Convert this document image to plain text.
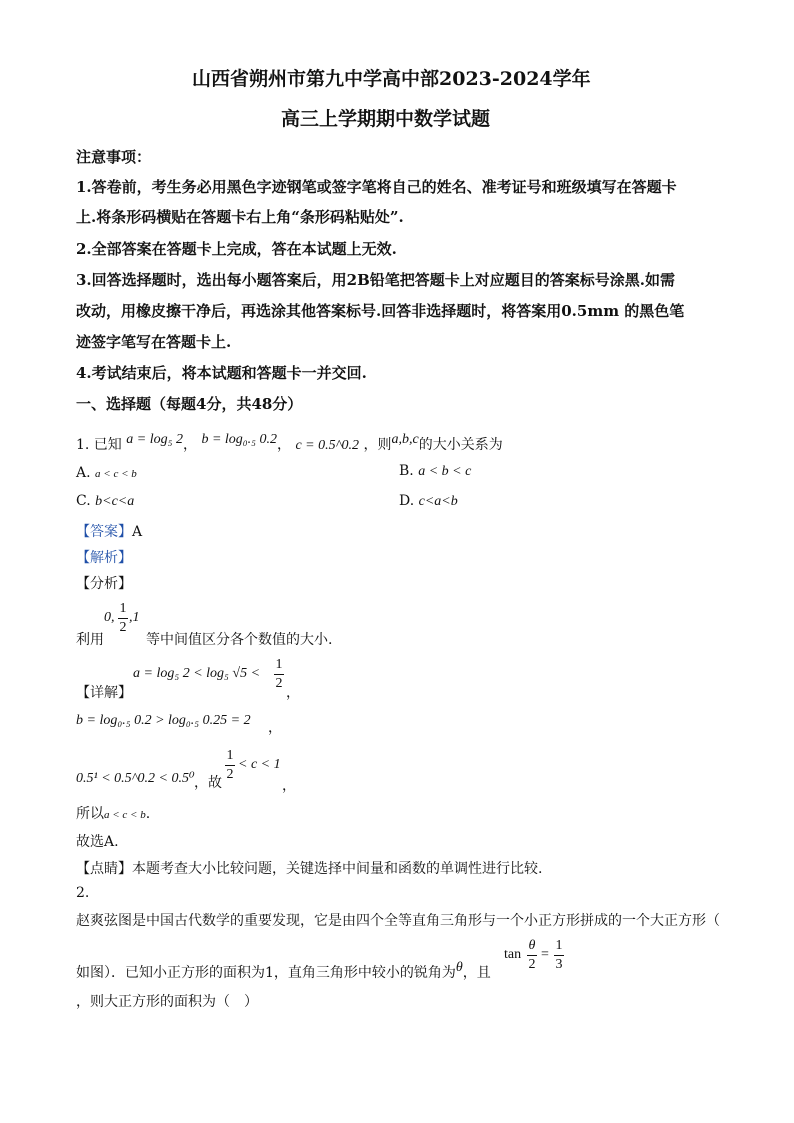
山西省朔州市第九中学高中部2023-2024学年
高三上学期期中数学试题
注意事项：
1.答卷前，考生务必用黑色字迹钢笔或签字笔将自己的姓名、准考证号和班级填写在答题卡
上.将条形码横贴在答题卡右上角“条形码粘贴处”.
2.全部答案在答题卡上完成，答在本试题上无效.
3.回答选择题时，选出每小题答案后，用2B铅笔把答题卡上对应题目的答案标号涂黑.如需
改动，用橡皮擦干净后，再选涂其他答案标号.回答非选择题时，将答案用0.5mm 的黑色笔
迹签字笔写在答题卡上.
4.考试结束后，将本试题和答题卡一并交回.
一、选择题（每题4分，共48分）
1. 已知 a = log₅ 2， b = log₀.₅ 0.2， c = 0.5^0.2 ，则a,b,c的大小关系为
A. a < c < b	B. a < b < c
C. b<c<a	D. c<a<b
【答案】A
【解析】
【分析】
0,
1
2
,1
利用	等中间值区分各个数值的大小.
a = log₅ 2 < log₅ √5 <
1
2
，
【详解】
b = log₀.₅ 0.2 > log₀.₅ 0.25 = 2 ，
0.5¹ < 0.5^0.2 < 0.5⁰ ，故
1
2
< c < 1
，
所以a < c < b.
故选A.
【点睛】本题考查大小比较问题，关键选择中间量和函数的单调性进行比较.
2.
赵爽弦图是中国古代数学的重要发现，它是由四个全等直角三角形与一个小正方形拼成的一个大正方形（
如图）．已知小正方形的面积为1，直角三角形中较小的锐角为θ，且
tan
θ
2
=
1
3
，则大正方形的面积为（　）
